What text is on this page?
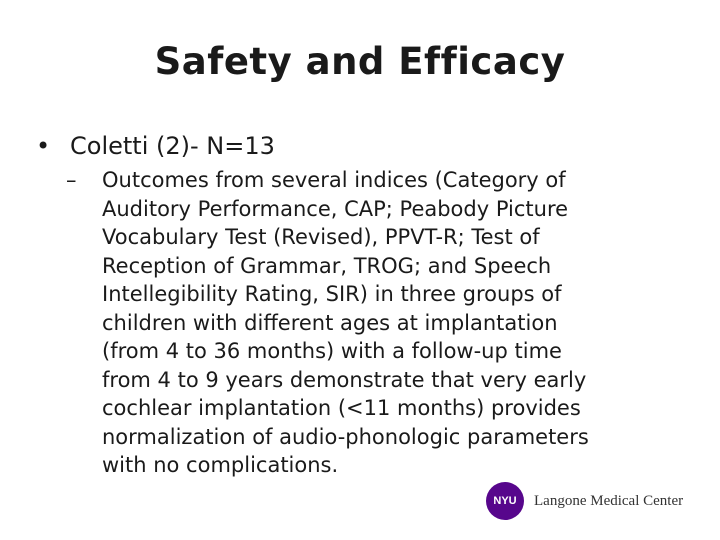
Safety and Efficacy
• Coletti (2)- N=13
– Outcomes from several indices (Category of
Auditory Performance, CAP; Peabody Picture
Vocabulary Test (Revised), PPVT-R; Test of
Reception of Grammar, TROG; and Speech
Intellegibility Rating, SIR) in three groups of
children with different ages at implantation
(from 4 to 36 months) with a follow-up time
from 4 to 9 years demonstrate that very early
cochlear implantation (<11 months) provides
normalization of audio-phonologic parameters
with no complications.
NYU	Langone Medical Center
